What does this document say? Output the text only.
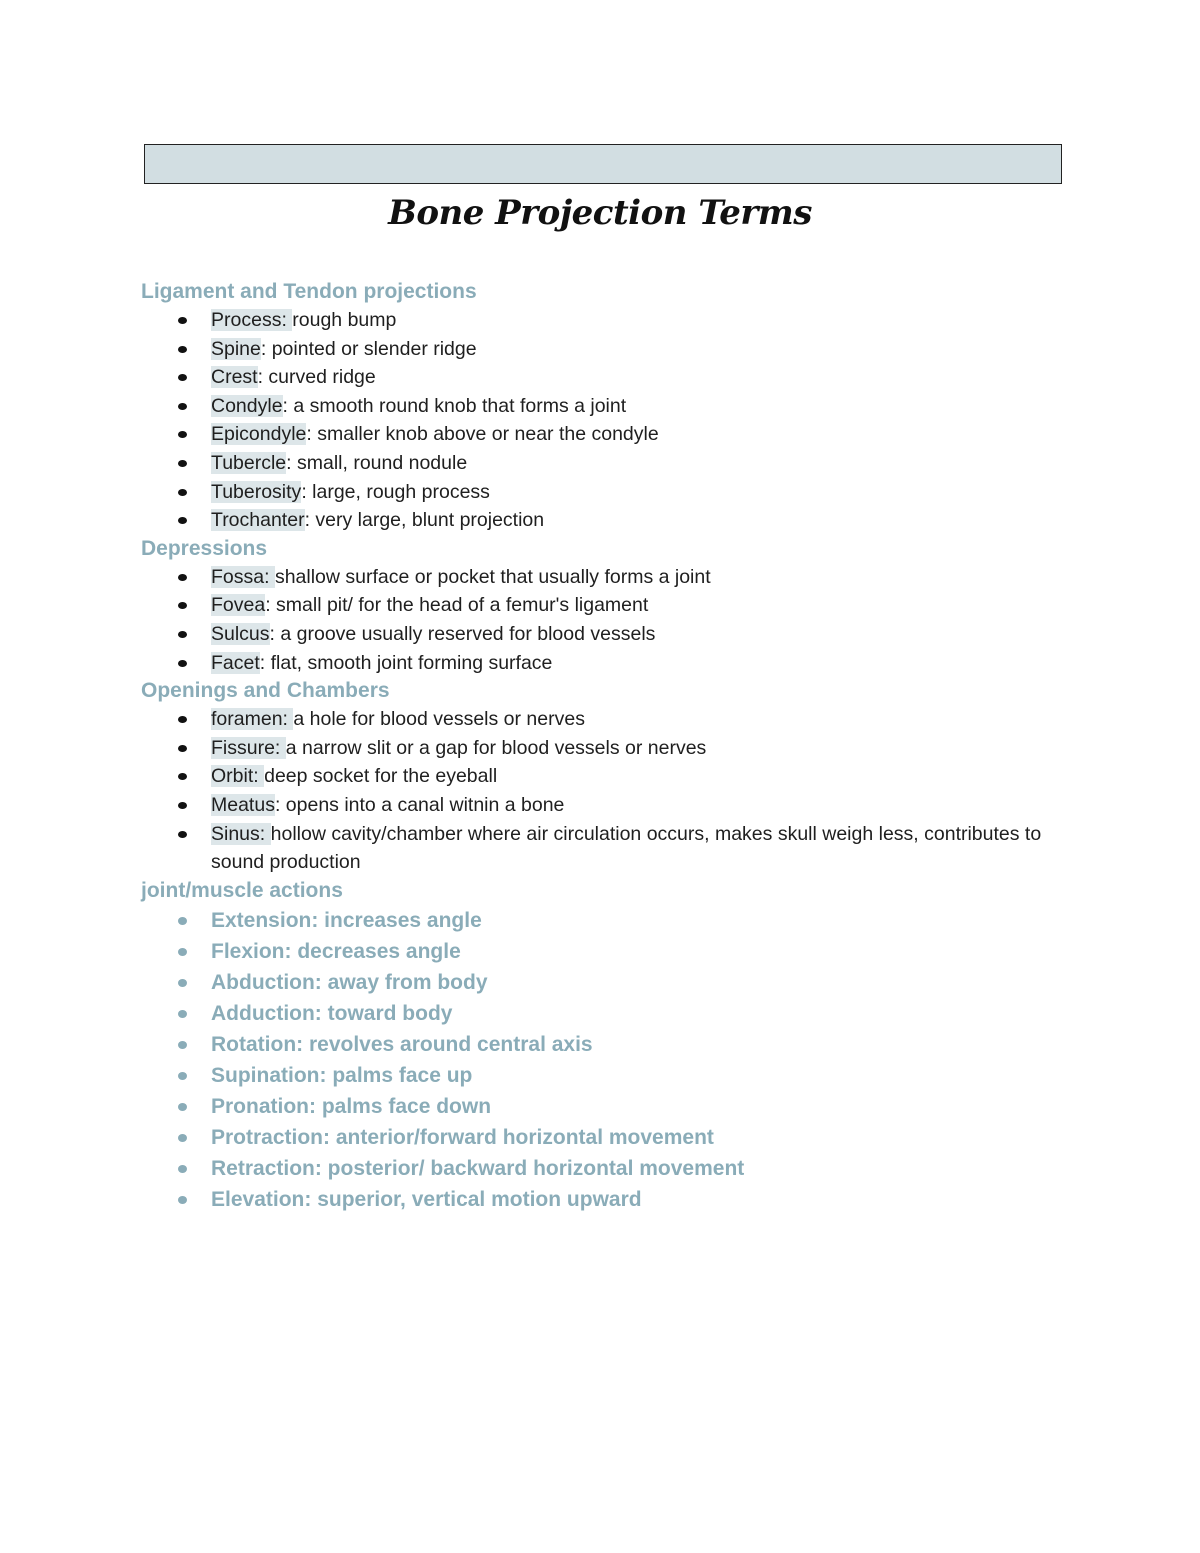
Bone Projection Terms
Ligament and Tendon projections
Process: rough bump
Spine: pointed or slender ridge
Crest: curved ridge
Condyle: a smooth round knob that forms a joint
Epicondyle: smaller knob above or near the condyle
Tubercle: small, round nodule
Tuberosity: large, rough process
Trochanter: very large, blunt projection
Depressions
Fossa: shallow surface or pocket that usually forms a joint
Fovea: small pit/ for the head of a femur's ligament
Sulcus: a groove usually reserved for blood vessels
Facet: flat, smooth joint forming surface
Openings and Chambers
foramen: a hole for blood vessels or nerves
Fissure: a narrow slit or a gap for blood vessels or nerves
Orbit: deep socket for the eyeball
Meatus: opens into a canal witnin a bone
Sinus: hollow cavity/chamber where air circulation occurs, makes skull weigh less, contributes to sound production
joint/muscle actions
Extension: increases angle
Flexion: decreases angle
Abduction: away from body
Adduction: toward body
Rotation: revolves around central axis
Supination: palms face up
Pronation: palms face down
Protraction: anterior/forward horizontal movement
Retraction: posterior/ backward horizontal movement
Elevation: superior, vertical motion upward
